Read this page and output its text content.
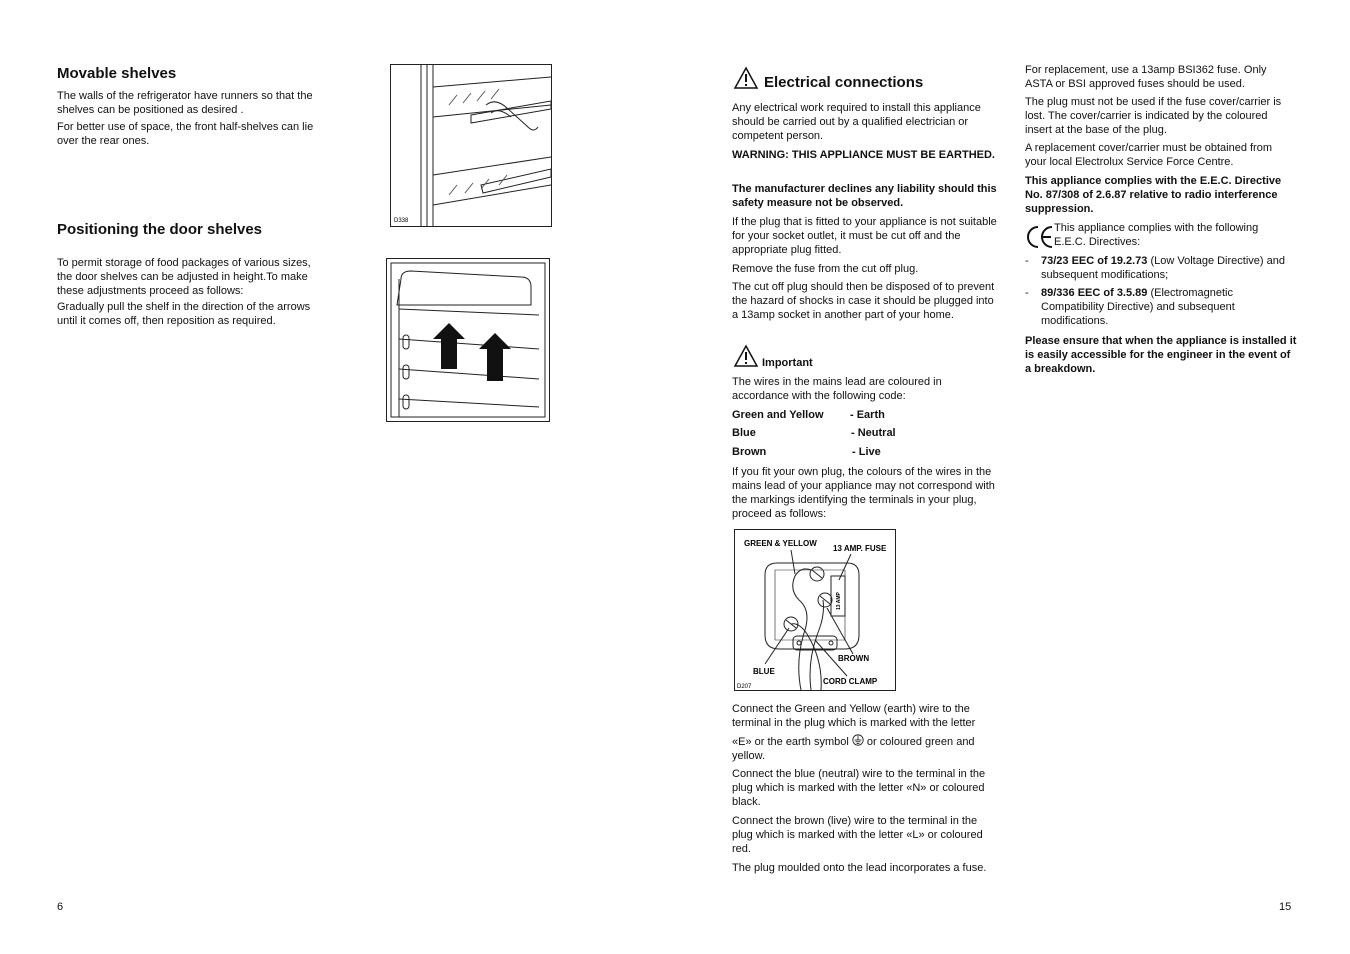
Movable shelves

The walls of the refrigerator have runners so that the shelves can be positioned as desired .

For better use of space, the front half-shelves can lie over the rear ones.

D338
Positioning the door shelves

To permit storage of food packages of various sizes, the door shelves can be adjusted in height.To make these adjustments proceed as follows:

Gradually pull the shelf in the direction of the arrows until it comes off, then reposition as required.

6
Electrical connections

Any electrical work required to install this appliance should be carried out by a qualified electrician or competent person.

WARNING: THIS APPLIANCE MUST BE EARTHED.

The manufacturer declines any liability should this safety measure not be observed.

If the plug that is fitted to your appliance is not suitable for your socket outlet, it must be cut off and the appropriate plug fitted.

Remove the fuse from the cut off plug.

The cut off plug should then be disposed of to prevent the hazard of shocks in case it should be plugged into a 13amp socket in another part of your home.

Important

The wires in the mains lead are coloured in accordance with the following code:

Green and Yellow - Earth
Blue	- Neutral
Brown	- Live

If you fit your own plug, the colours of the wires in the mains lead of your appliance may not correspond with the markings identifying the terminals in your plug, proceed as follows:

GREEN & YELLOW
13 AMP. FUSE
13 AMP
BLUE
BROWN
CORD CLAMP
D207

Connect the Green and Yellow (earth) wire to the terminal in the plug which is marked with the letter

«E» or the earth symbol or coloured green and yellow.

Connect the blue (neutral) wire to the terminal in the plug which is marked with the letter «N» or coloured black.

Connect the brown (live) wire to the terminal in the plug which is marked with the letter «L» or coloured red.

The plug moulded onto the lead incorporates a fuse.

For replacement, use a 13amp BSI362 fuse. Only ASTA or BSI approved fuses should be used.

The plug must not be used if the fuse cover/carrier is lost. The cover/carrier is indicated by the coloured insert at the base of the plug.

A replacement cover/carrier must be obtained from your local Electrolux Service Force Centre.

This appliance complies with the E.E.C. Directive No. 87/308 of 2.6.87 relative to radio interference suppression.

This appliance complies with the following E.E.C. Directives:

- 73/23 EEC of 19.2.73 (Low Voltage Directive) and subsequent modifications;
- 89/336 EEC of 3.5.89 (Electromagnetic Compatibility Directive) and subsequent modifications.

Please ensure that when the appliance is installed it is easily accessible for the engineer in the event of a breakdown.

15
